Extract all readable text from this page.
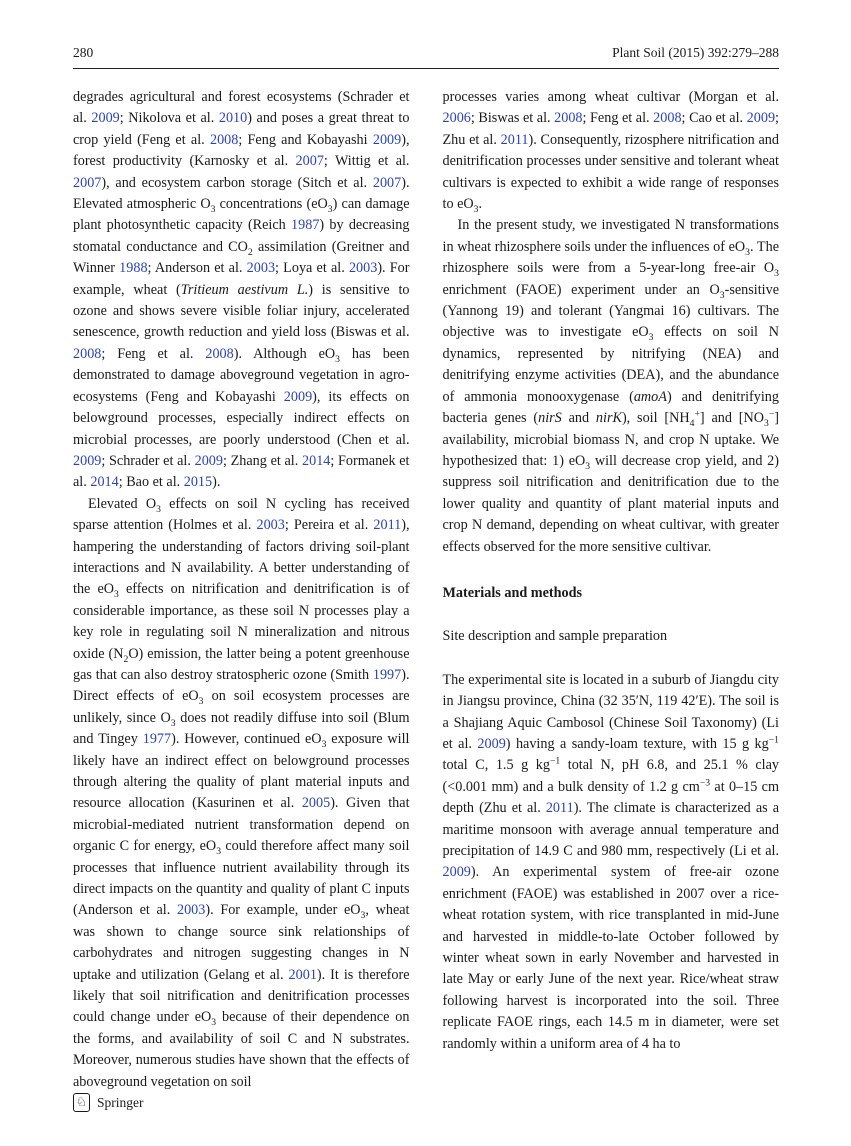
280	Plant Soil (2015) 392:279–288

degrades agricultural and forest ecosystems (Schrader et al. 2009; Nikolova et al. 2010) and poses a great threat to crop yield (Feng et al. 2008; Feng and Kobayashi 2009), forest productivity (Karnosky et al. 2007; Wittig et al. 2007), and ecosystem carbon storage (Sitch et al. 2007). Elevated atmospheric $O_3$ concentrations $(eO_3)$ can damage plant photosynthetic capacity (Reich 1987) by decreasing stomatal conductance and $CO_2$ assimilation (Greitner and Winner 1988; Anderson et al. 2003; Loya et al. 2003). For example, wheat (Tritieum aestivum L.) is sensitive to ozone and shows severe visible foliar injury, accelerated senescence, growth reduction and yield loss (Biswas et al. 2008; Feng et al. 2008). Although $eO_3$ has been demonstrated to damage aboveground vegetation in agro-ecosystems (Feng and Kobayashi 2009), its effects on belowground processes, especially indirect effects on microbial processes, are poorly understood (Chen et al. 2009; Schrader et al. 2009; Zhang et al. 2014; Formanek et al. 2014; Bao et al. 2015).

Elevated $O_3$ effects on soil N cycling has received sparse attention (Holmes et al. 2003; Pereira et al. 2011), hampering the understanding of factors driving soil-plant interactions and N availability. A better understanding of the $eO_3$ effects on nitrification and denitrification is of considerable importance, as these soil N processes play a key role in regulating soil N mineralization and nitrous oxide $(N_2O)$ emission, the latter being a potent greenhouse gas that can also destroy stratospheric ozone (Smith 1997). Direct effects of $eO_3$ on soil ecosystem processes are unlikely, since $O_3$ does not readily diffuse into soil (Blum and Tingey 1977). However, continued $eO_3$ exposure will likely have an indirect effect on belowground processes through altering the quality of plant material inputs and resource allocation (Kasurinen et al. 2005). Given that microbial-mediated nutrient transformation depend on organic C for energy, $eO_3$ could therefore affect many soil processes that influence nutrient availability through its direct impacts on the quantity and quality of plant C inputs (Anderson et al. 2003). For example, under $eO_3$, wheat was shown to change source sink relationships of carbohydrates and nitrogen suggesting changes in N uptake and utilization (Gelang et al. 2001). It is therefore likely that soil nitrification and denitrification processes could change under $eO_3$ because of their dependence on the forms, and availability of soil C and N substrates. Moreover, numerous studies have shown that the effects of aboveground vegetation on soil

processes varies among wheat cultivar (Morgan et al. 2006; Biswas et al. 2008; Feng et al. 2008; Cao et al. 2009; Zhu et al. 2011). Consequently, rizosphere nitrification and denitrification processes under sensitive and tolerant wheat cultivars is expected to exhibit a wide range of responses to $eO_3$.

In the present study, we investigated N transformations in wheat rhizosphere soils under the influences of $eO_3$. The rhizosphere soils were from a 5-year-long free-air $O_3$ enrichment (FAOE) experiment under an $O_3$-sensitive (Yannong 19) and tolerant (Yangmai 16) cultivars. The objective was to investigate $eO_3$ effects on soil N dynamics, represented by nitrifying (NEA) and denitrifying enzyme activities (DEA), and the abundance of ammonia monooxygenase (amoA) and denitrifying bacteria genes (nirS and nirK), soil $[NH_4^+]$ and $[NO_3^-]$ availability, microbial biomass N, and crop N uptake. We hypothesized that: 1) $eO_3$ will decrease crop yield, and 2) suppress soil nitrification and denitrification due to the lower quality and quantity of plant material inputs and crop N demand, depending on wheat cultivar, with greater effects observed for the more sensitive cultivar.

Materials and methods
Site description and sample preparation

The experimental site is located in a suburb of Jiangdu city in Jiangsu province, China (32 35′N, 119 42′E). The soil is a Shajiang Aquic Cambosol (Chinese Soil Taxonomy) (Li et al. 2009) having a sandy-loam texture, with 15 g $kg^{-1}$ total C, 1.5 g $kg^{-1}$ total N, pH 6.8, and 25.1 % clay (<0.001 mm) and a bulk density of 1.2 g $cm^{-3}$ at 0–15 cm depth (Zhu et al. 2011). The climate is characterized as a maritime monsoon with average annual temperature and precipitation of 14.9 C and 980 mm, respectively (Li et al. 2009). An experimental system of free-air ozone enrichment (FAOE) was established in 2007 over a rice-wheat rotation system, with rice transplanted in mid-June and harvested in middle-to-late October followed by winter wheat sown in early November and harvested in late May or early June of the next year. Rice/wheat straw following harvest is incorporated into the soil. Three replicate FAOE rings, each 14.5 m in diameter, were set randomly within a uniform area of 4 ha to

♘ Springer
